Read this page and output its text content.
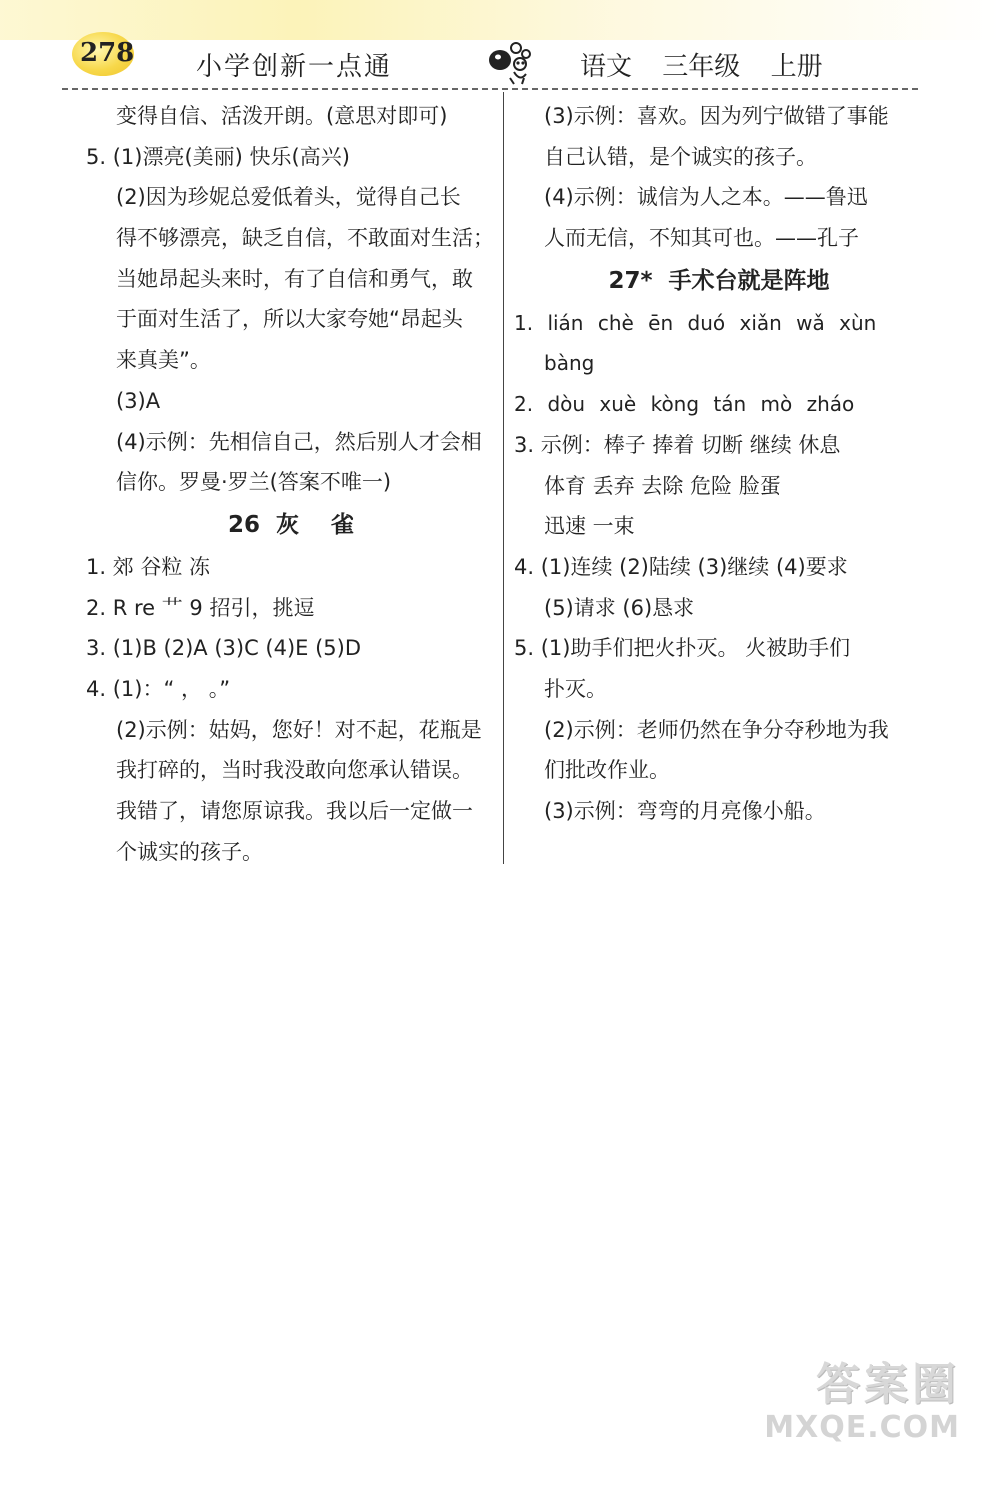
278 小学创新一点通	语文 三年级 上册
变得自信、活泼开朗。(意思对即可)
5. (1)漂亮(美丽) 快乐(高兴)
(2)因为珍妮总爱低着头，觉得自己长
得不够漂亮，缺乏自信，不敢面对生活；
当她昂起头来时，有了自信和勇气，敢
于面对生活了，所以大家夸她“昂起头
来真美”。
(3)A
(4)示例：先相信自己，然后别人才会相
信你。罗曼·罗兰(答案不唯一)
26  灰    雀
1. 郊 谷粒 冻
2. R re 艹 9 招引，挑逗
3. (1)B (2)A (3)C (4)E (5)D
4. (1)：“ ， 。”
(2)示例：姑妈，您好！对不起，花瓶是
我打碎的，当时我没敢向您承认错误。
我错了，请您原谅我。我以后一定做一
个诚实的孩子。
(3)示例：喜欢。因为列宁做错了事能
自己认错，是个诚实的孩子。
(4)示例：诚信为人之本。——鲁迅
人而无信，不知其可也。——孔子
27*  手术台就是阵地
1. lián chè ēn duó xiǎn wǎ xùn
bàng
2. dòu xuè kòng tán mò zháo
3. 示例：棒子 捧着 切断 继续 休息
体育 丢弃 去除 危险 脸蛋
迅速 一束
4. (1)连续 (2)陆续 (3)继续 (4)要求
(5)请求 (6)恳求
5. (1)助手们把火扑灭。 火被助手们
扑灭。
(2)示例：老师仍然在争分夺秒地为我
们批改作业。
(3)示例：弯弯的月亮像小船。
答案圈
MXQE.COM
